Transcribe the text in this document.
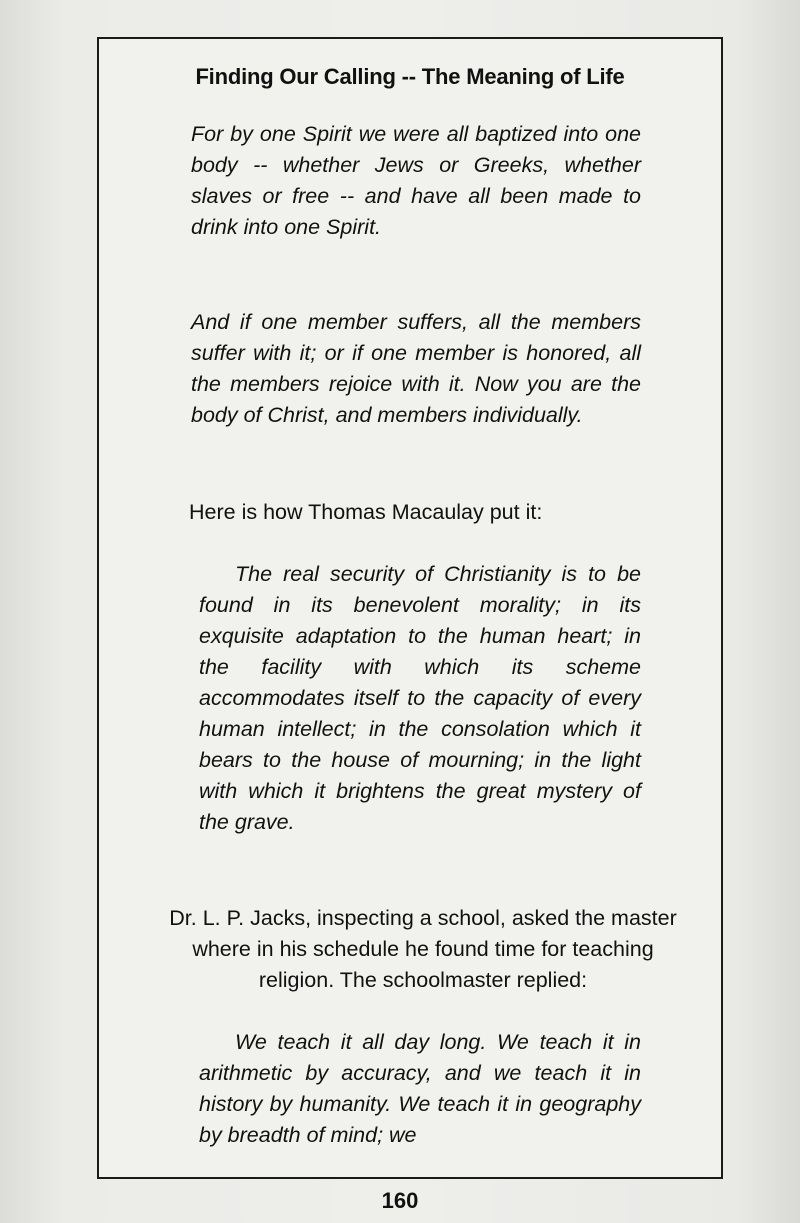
Finding Our Calling -- The Meaning of Life

For by one Spirit we were all baptized into one body -- whether Jews or Greeks, whether slaves or free -- and have all been made to drink into one Spirit.

And if one member suffers, all the members suffer with it; or if one member is honored, all the members rejoice with it. Now you are the body of Christ, and members individually.

Here is how Thomas Macaulay put it:

The real security of Christianity is to be found in its benevolent morality; in its exquisite adaptation to the human heart; in the facility with which its scheme accommodates itself to the capacity of every human intellect; in the consolation which it bears to the house of mourning; in the light with which it brightens the great mystery of the grave.

Dr. L. P. Jacks, inspecting a school, asked the master where in his schedule he found time for teaching religion. The schoolmaster replied:

We teach it all day long. We teach it in arithmetic by accuracy, and we teach it in history by humanity. We teach it in geography by breadth of mind; we

160
